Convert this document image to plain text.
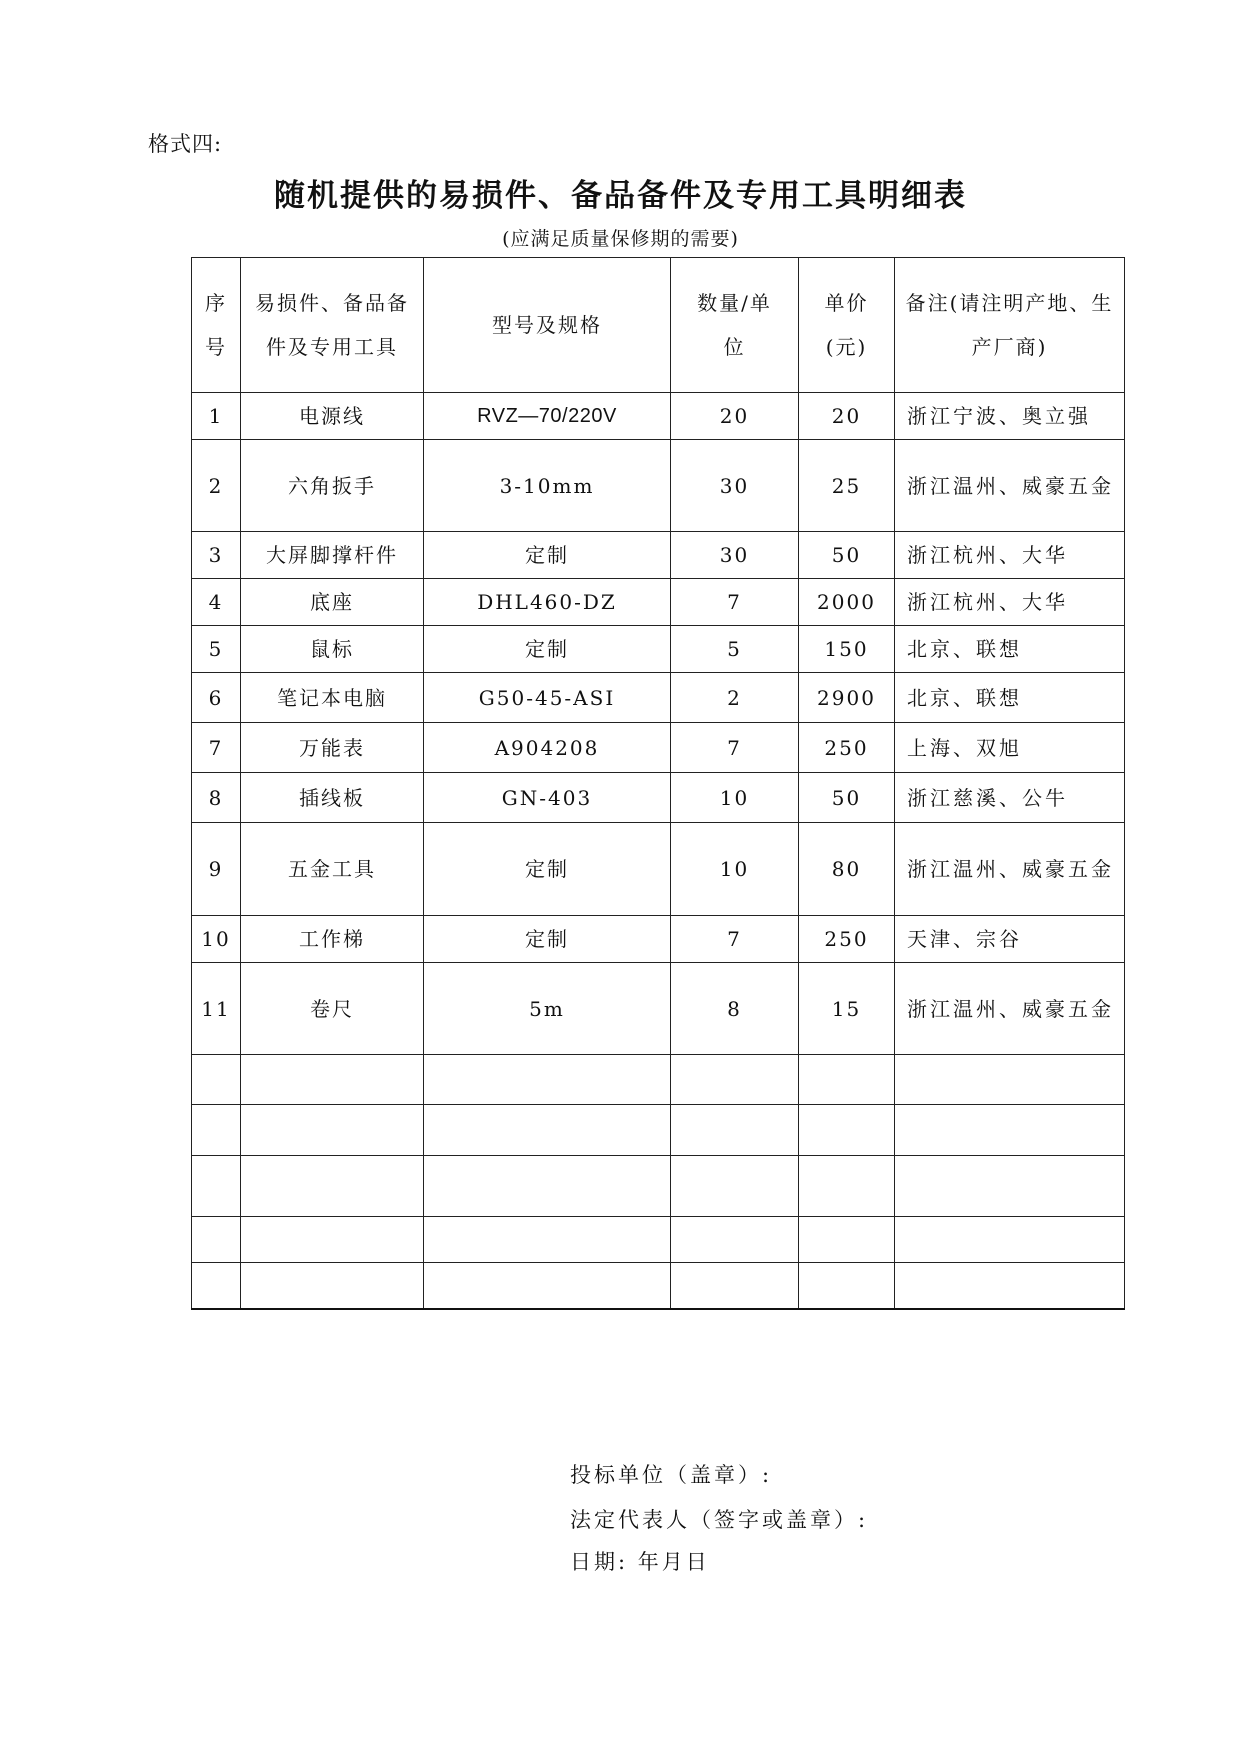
格式四:
随机提供的易损件、备品备件及专用工具明细表
(应满足质量保修期的需要)
序号	易损件、备品备件及专用工具	型号及规格	数量/单位	单价(元)	备注(请注明产地、生产厂商)
1	电源线	RVZ—70/220V	20	20	浙江宁波、奥立强
2	六角扳手	3-10mm	30	25	浙江温州、威豪五金
3	大屏脚撑杆件	定制	30	50	浙江杭州、大华
4	底座	DHL460-DZ	7	2000	浙江杭州、大华
5	鼠标	定制	5	150	北京、联想
6	笔记本电脑	G50-45-ASI	2	2900	北京、联想
7	万能表	A904208	7	250	上海、双旭
8	插线板	GN-403	10	50	浙江慈溪、公牛
9	五金工具	定制	10	80	浙江温州、威豪五金
10	工作梯	定制	7	250	天津、宗谷
11	卷尺	5m	8	15	浙江温州、威豪五金

投标单位（盖章）:
法定代表人（签字或盖章）:
日期: 年月日
